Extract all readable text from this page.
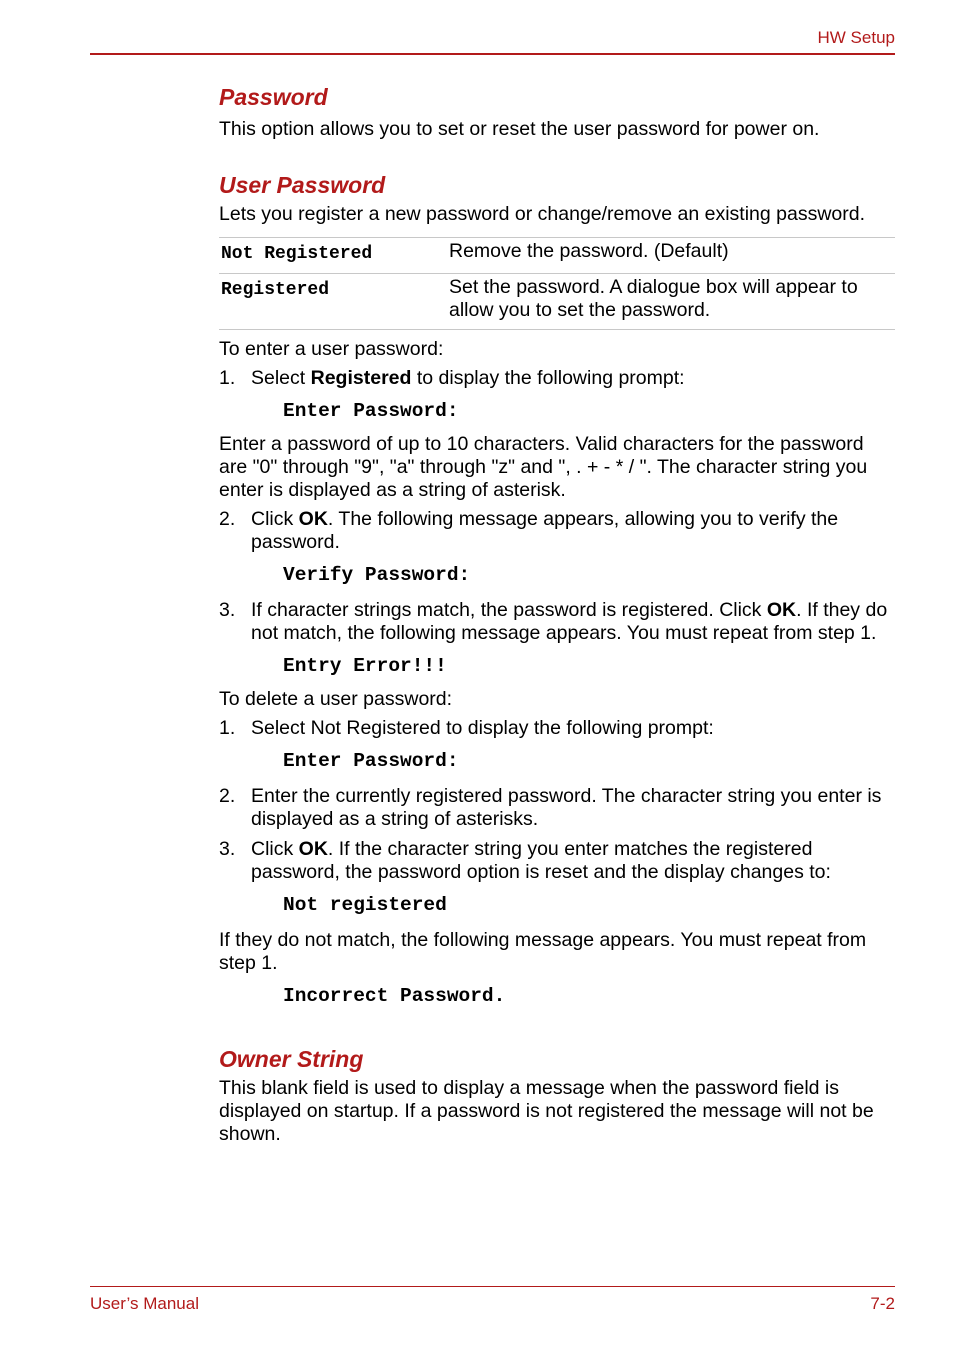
HW Setup
Password

This option allows you to set or reset the user password for power on.

User Password

Lets you register a new password or change/remove an existing password.

Not Registered	Remove the password. (Default)
Registered	Set the password. A dialogue box will appear to allow you to set the password.

To enter a user password:

1. Select Registered to display the following prompt:
Enter Password:

Enter a password of up to 10 characters. Valid characters for the password are "0" through "9", "a" through "z" and ", . + - * / ". The character string you enter is displayed as a string of asterisk.

2. Click OK. The following message appears, allowing you to verify the password.
Verify Password:
3. If character strings match, the password is registered. Click OK. If they do not match, the following message appears. You must repeat from step 1.
Entry Error!!!

To delete a user password:

1. Select Not Registered to display the following prompt:
Enter Password:
2. Enter the currently registered password. The character string you enter is displayed as a string of asterisks.
3. Click OK. If the character string you enter matches the registered password, the password option is reset and the display changes to:
Not registered

If they do not match, the following message appears. You must repeat from step 1.

Incorrect Password.
Owner String

This blank field is used to display a message when the password field is displayed on startup. If a password is not registered the message will not be shown.

User’s Manual	7-2
